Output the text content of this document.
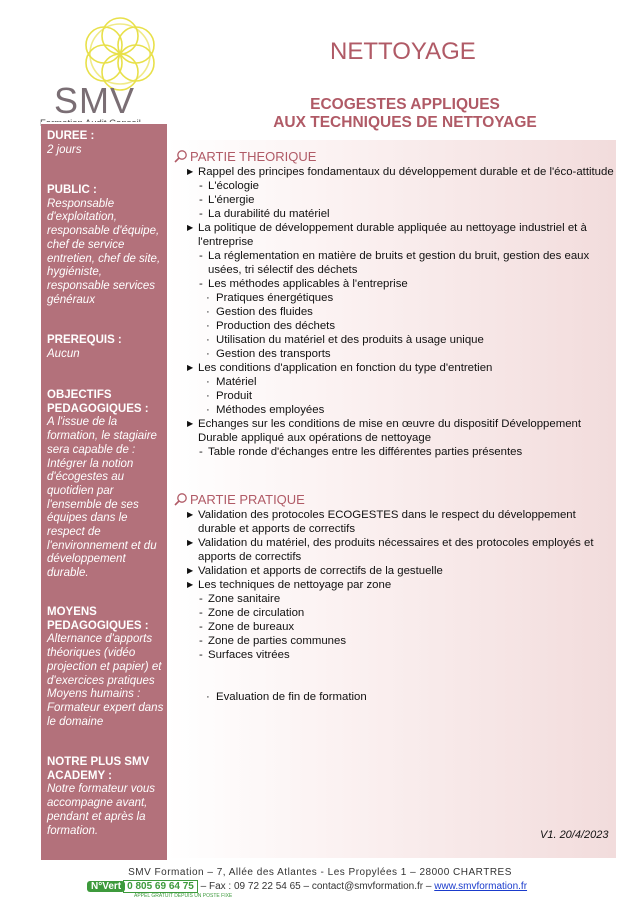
SMV
NETTOYAGE
ECOGESTES APPLIQUES
AUX TECHNIQUES DE NETTOYAGE
DUREE :
2 jours
PUBLIC :
Responsable d'exploitation, responsable d'équipe, chef de service entretien, chef de site, hygiéniste, responsable services généraux
PREREQUIS :
Aucun
OBJECTIFS PEDAGOGIQUES :
A l'issue de la formation, le stagiaire sera capable de : Intégrer la notion d'écogestes au quotidien par l'ensemble de ses équipes dans le respect de l'environnement et du développement durable.
MOYENS PEDAGOGIQUES :
Alternance d'apports théoriques (vidéo projection et papier) et d'exercices pratiques Moyens humains : Formateur expert dans le domaine
NOTRE PLUS SMV ACADEMY :
Notre formateur vous accompagne avant, pendant et après la formation.
PARTIE THEORIQUE
▶ Rappel des principes fondamentaux du développement durable et de l'éco-attitude
- L'écologie
- L'énergie
- La durabilité du matériel
▶ La politique de développement durable appliquée au nettoyage industriel et à l'entreprise
- La réglementation en matière de bruits et gestion du bruit, gestion des eaux usées, tri sélectif des déchets
- Les méthodes applicables à l'entreprise
· Pratiques énergétiques
· Gestion des fluides
· Production des déchets
· Utilisation du matériel et des produits à usage unique
· Gestion des transports
▶ Les conditions d'application en fonction du type d'entretien
· Matériel
· Produit
· Méthodes employées
▶ Echanges sur les conditions de mise en œuvre du dispositif Développement Durable appliqué aux opérations de nettoyage
- Table ronde d'échanges entre les différentes parties présentes
PARTIE PRATIQUE
▶ Validation des protocoles ECOGESTES dans le respect du développement durable et apports de correctifs
▶ Validation du matériel, des produits nécessaires et des protocoles employés et apports de correctifs
▶ Validation et apports de correctifs de la gestuelle
▶ Les techniques de nettoyage par zone
- Zone sanitaire
- Zone de circulation
- Zone de bureaux
- Zone de parties communes
- Surfaces vitrées
· Evaluation de fin de formation
V1. 20/4/2023
SMV Formation – 7, Allée des Atlantes - Les Propylées 1 – 28000 CHARTRES
N°Vert 0 805 69 64 75 – Fax : 09 72 22 54 65 – contact@smvformation.fr – www.smvformation.fr
APPEL GRATUIT DEPUIS UN POSTE FIXE
